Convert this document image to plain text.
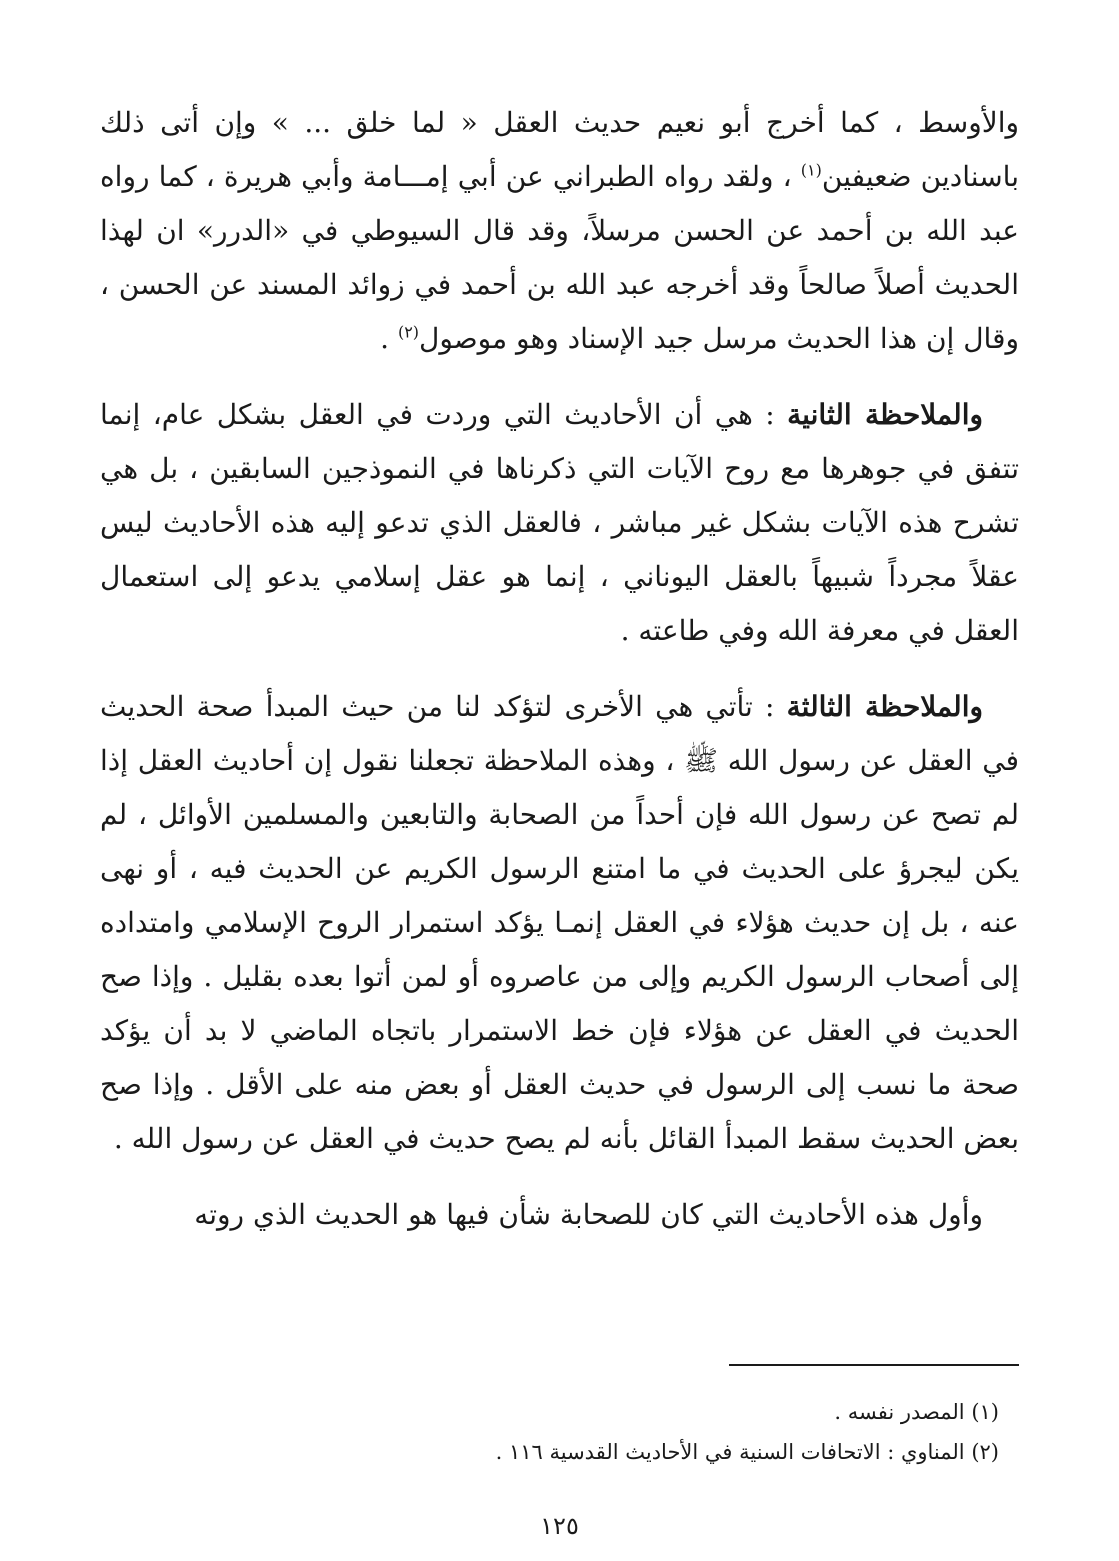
والأوسط ، كما أخرج أبو نعيم حديث العقل « لما خلق ... » وإن أتى ذلك باسنادين ضعيفين$^{(١)}$ ، ولقد رواه الطبراني عن أبي إمـــامة وأبي هريرة ، كما رواه عبد الله بن أحمد عن الحسن مرسلاً، وقد قال السيوطي في «الدرر» ان لهذا الحديث أصلاً صالحاً وقد أخرجه عبد الله بن أحمد في زوائد المسند عن الحسن ، وقال إن هذا الحديث مرسل جيد الإسناد وهو موصول$^{(٢)}$ .

والملاحظة الثانية : هي أن الأحاديث التي وردت في العقل بشكل عام، إنما تتفق في جوهرها مع روح الآيات التي ذكرناها في النموذجين السابقين ، بل هي تشرح هذه الآيات بشكل غير مباشر ، فالعقل الذي تدعو إليه هذه الأحاديث ليس عقلاً مجرداً شبيهاً بالعقل اليوناني ، إنما هو عقل إسلامي يدعو إلى استعمال العقل في معرفة الله وفي طاعته .

والملاحظة الثالثة : تأتي هي الأخرى لتؤكد لنا من حيث المبدأ صحة الحديث في العقل عن رسول الله ﷺ ، وهذه الملاحظة تجعلنا نقول إن أحاديث العقل إذا لم تصح عن رسول الله فإن أحداً من الصحابة والتابعين والمسلمين الأوائل ، لم يكن ليجرؤ على الحديث في ما امتنع الرسول الكريم عن الحديث فيه ، أو نهى عنه ، بل إن حديث هؤلاء في العقل إنمـا يؤكد استمرار الروح الإسلامي وامتداده إلى أصحاب الرسول الكريم وإلى من عاصروه أو لمن أتوا بعده بقليل . وإذا صح الحديث في العقل عن هؤلاء فإن خط الاستمرار باتجاه الماضي لا بد أن يؤكد صحة ما نسب إلى الرسول في حديث العقل أو بعض منه على الأقل . وإذا صح بعض الحديث سقط المبدأ القائل بأنه لم يصح حديث في العقل عن رسول الله .

وأول هذه الأحاديث التي كان للصحابة شأن فيها هو الحديث الذي روته

(١) المصدر نفسه .

(٢) المناوي : الاتحافات السنية في الأحاديث القدسية ١١٦ .

١٢٥
